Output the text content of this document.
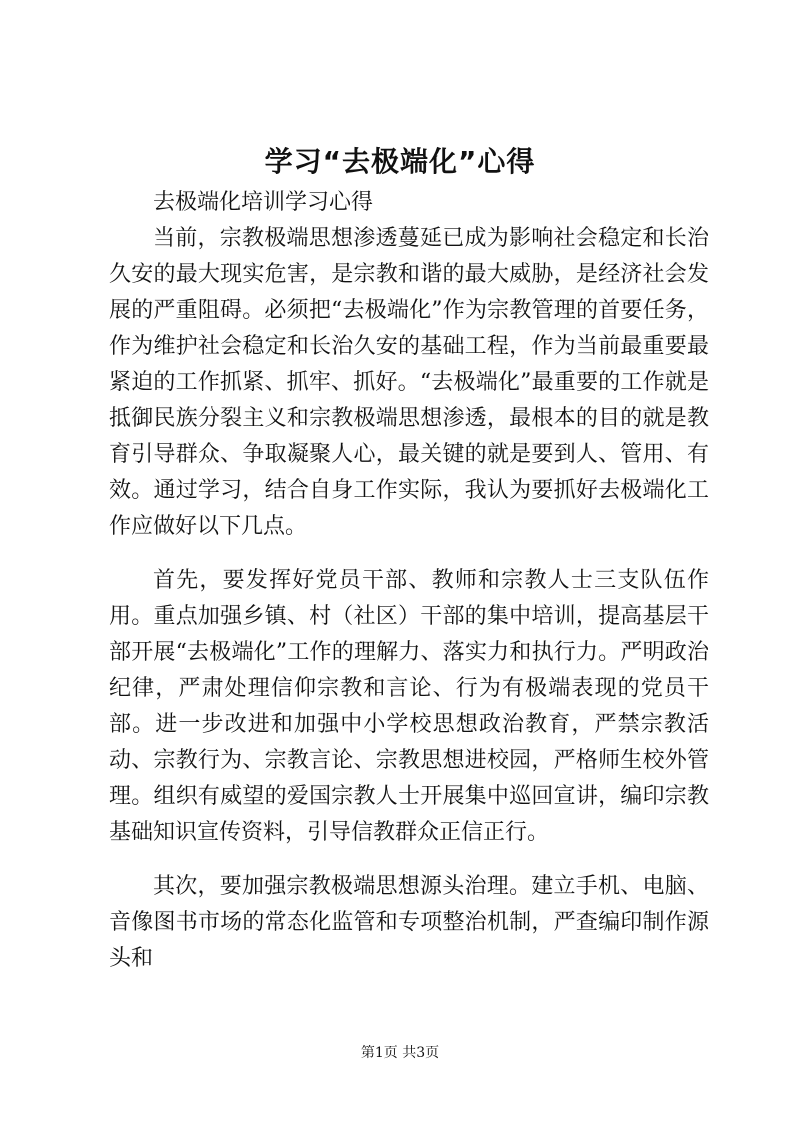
学习“去极端化”心得

去极端化培训学习心得

当前，宗教极端思想渗透蔓延已成为影响社会稳定和长治久安的最大现实危害，是宗教和谐的最大威胁，是经济社会发展的严重阻碍。必须把“去极端化”作为宗教管理的首要任务，作为维护社会稳定和长治久安的基础工程，作为当前最重要最紧迫的工作抓紧、抓牢、抓好。“去极端化”最重要的工作就是抵御民族分裂主义和宗教极端思想渗透，最根本的目的就是教育引导群众、争取凝聚人心，最关键的就是要到人、管用、有效。通过学习，结合自身工作实际，我认为要抓好去极端化工作应做好以下几点。

首先，要发挥好党员干部、教师和宗教人士三支队伍作用。重点加强乡镇、村（社区）干部的集中培训，提高基层干部开展“去极端化”工作的理解力、落实力和执行力。严明政治纪律，严肃处理信仰宗教和言论、行为有极端表现的党员干部。进一步改进和加强中小学校思想政治教育，严禁宗教活动、宗教行为、宗教言论、宗教思想进校园，严格师生校外管理。组织有威望的爱国宗教人士开展集中巡回宣讲，编印宗教基础知识宣传资料，引导信教群众正信正行。

其次，要加强宗教极端思想源头治理。建立手机、电脑、音像图书市场的常态化监管和专项整治机制，严查编印制作源头和

第1页 共3页
